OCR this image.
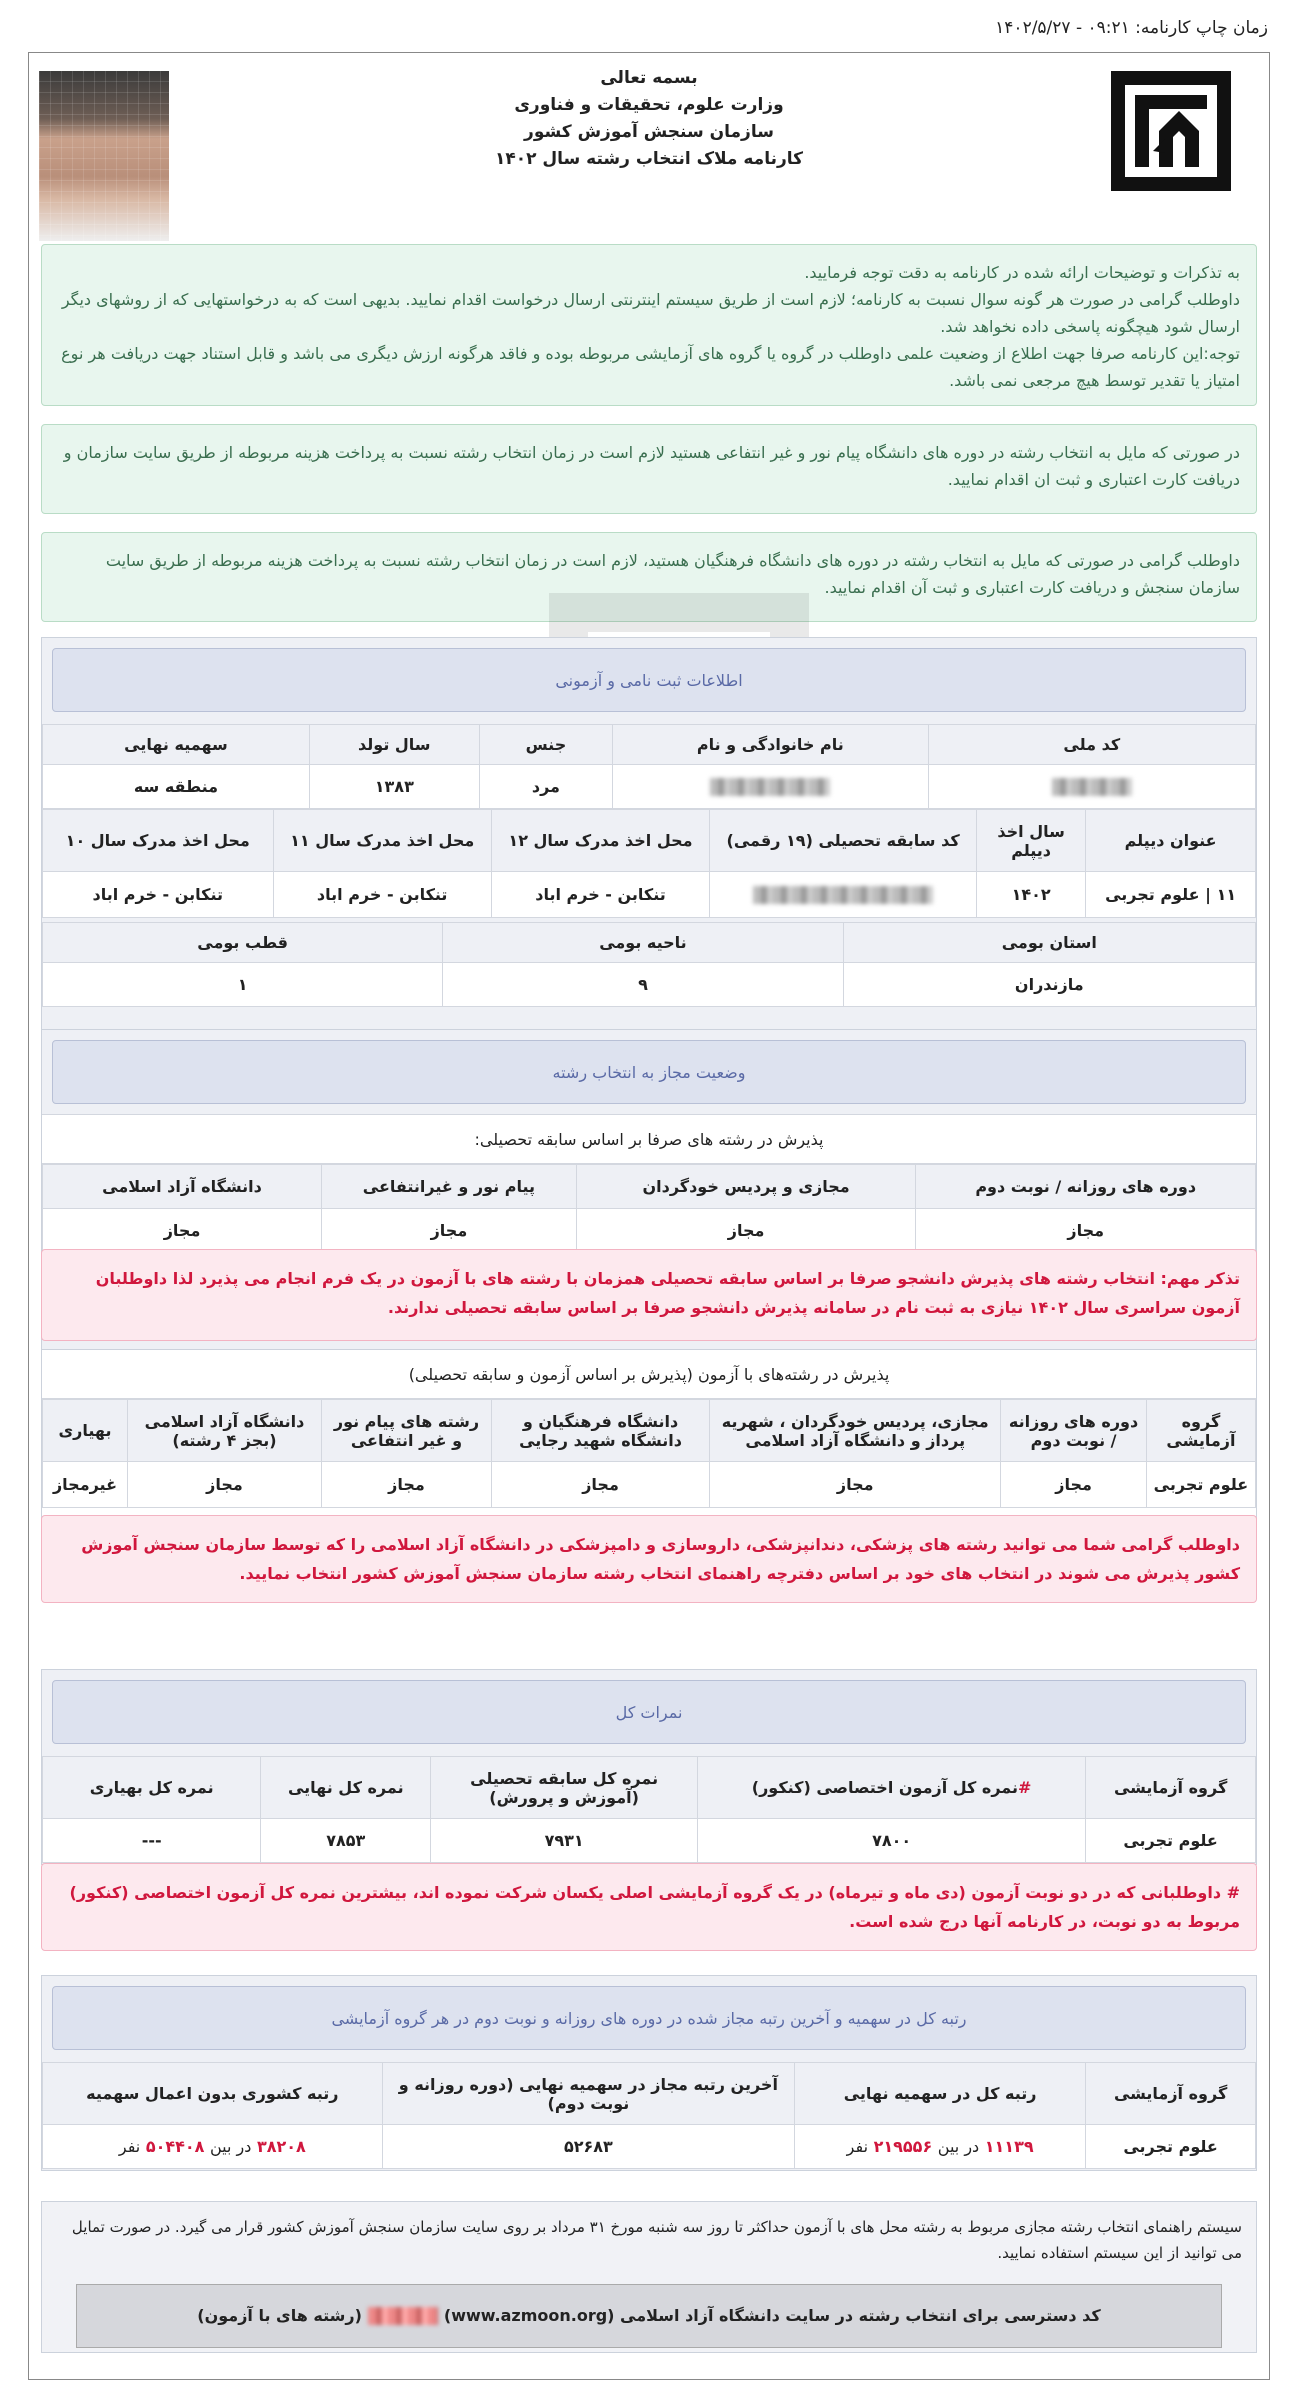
زمان چاپ کارنامه: ۰۹:۲۱ - ۱۴۰۲/۵/۲۷
بسمه تعالی
وزارت علوم، تحقیقات و فناوری
سازمان سنجش آموزش کشور
کارنامه ملاک انتخاب رشته سال ۱۴۰۲
به تذکرات و توضیحات ارائه شده در کارنامه به دقت توجه فرمایید.
داوطلب گرامی در صورت هر گونه سوال نسبت به کارنامه؛ لازم است از طریق سیستم اینترنتی ارسال درخواست اقدام نمایید. بدیهی است که به درخواستهایی که از روشهای دیگر ارسال شود هیچگونه پاسخی داده نخواهد شد.
توجه:این کارنامه صرفا جهت اطلاع از وضعیت علمی داوطلب در گروه یا گروه های آزمایشی مربوطه بوده و فاقد هرگونه ارزش دیگری می باشد و قابل استناد جهت دریافت هر نوع امتیاز یا تقدیر توسط هیچ مرجعی نمی باشد.
در صورتی که مایل به انتخاب رشته در دوره های دانشگاه پیام نور و غیر انتفاعی هستید لازم است در زمان انتخاب رشته نسبت به پرداخت هزینه مربوطه از طریق سایت سازمان و دریافت کارت اعتباری و ثبت ان اقدام نمایید.
داوطلب گرامی در صورتی که مایل به انتخاب رشته در دوره های دانشگاه فرهنگیان هستید، لازم است در زمان انتخاب رشته نسبت به پرداخت هزینه مربوطه از طریق سایت سازمان سنجش و دریافت کارت اعتباری و ثبت آن اقدام نمایید.
اطلاعات ثبت نامی و آزمونی
کد ملی	نام خانوادگی و نام	جنس	سال تولد	سهمیه نهایی
		مرد	۱۳۸۳	منطقه سه
عنوان دیپلم	سال اخذ دیپلم	کد سابقه تحصیلی (۱۹ رقمی)	محل اخذ مدرک سال ۱۲	محل اخذ مدرک سال ۱۱	محل اخذ مدرک سال ۱۰
۱۱ | علوم تجربی	۱۴۰۲		تنکابن - خرم اباد	تنکابن - خرم اباد	تنکابن - خرم اباد
استان بومی	ناحیه بومی	قطب بومی
مازندران	۹	۱
وضعیت مجاز به انتخاب رشته
پذیرش در رشته های صرفا بر اساس سابقه تحصیلی:
دوره های روزانه / نوبت دوم	مجازی و پردیس خودگردان	پیام نور و غیرانتفاعی	دانشگاه آزاد اسلامی
مجاز	مجاز	مجاز	مجاز
تذکر مهم: انتخاب رشته های پذیرش دانشجو صرفا بر اساس سابقه تحصیلی همزمان با رشته های با آزمون در یک فرم انجام می پذیرد لذا داوطلبان آزمون سراسری سال ۱۴۰۲ نیازی به ثبت نام در سامانه پذیرش دانشجو صرفا بر اساس سابقه تحصیلی ندارند.
پذیرش در رشته‌های با آزمون (پذیرش بر اساس آزمون و سابقه تحصیلی)
گروه آزمایشی	دوره های روزانه / نوبت دوم	مجازی، پردیس خودگردان ، شهریه پرداز و دانشگاه آزاد اسلامی	دانشگاه فرهنگیان و دانشگاه شهید رجایی	رشته های پیام نور و غیر انتفاعی	دانشگاه آزاد اسلامی (بجز ۴ رشته)	بهیاری
علوم تجربی	مجاز	مجاز	مجاز	مجاز	مجاز	غیرمجاز
داوطلب گرامی شما می توانید رشته های پزشکی، دندانپزشکی، داروسازی و دامپزشکی در دانشگاه آزاد اسلامی را که توسط سازمان سنجش آموزش کشور پذیرش می شوند در انتخاب های خود بر اساس دفترچه راهنمای انتخاب رشته سازمان سنجش آموزش کشور انتخاب نمایید.
نمرات کل
گروه آزمایشی	#نمره کل آزمون اختصاصی (کنکور)	نمره کل سابقه تحصیلی (آموزش و پرورش)	نمره کل نهایی	نمره کل بهیاری
علوم تجربی	۷۸۰۰	۷۹۳۱	۷۸۵۳	---
# داوطلبانی که در دو نوبت آزمون (دی ماه و تیرماه) در یک گروه آزمایشی اصلی یکسان شرکت نموده اند، بیشترین نمره کل آزمون اختصاصی (کنکور) مربوط به دو نوبت، در کارنامه آنها درج شده است.
رتبه کل در سهمیه و آخرین رتبه مجاز شده در دوره های روزانه و نوبت دوم در هر گروه آزمایشی
گروه آزمایشی	رتبه کل در سهمیه نهایی	آخرین رتبه مجاز در سهمیه نهایی (دوره روزانه و نوبت دوم)	رتبه کشوری بدون اعمال سهمیه
علوم تجربی	۱۱۱۳۹ در بین ۲۱۹۵۵۶ نفر	۵۲۶۸۳	۳۸۲۰۸ در بین ۵۰۴۴۰۸ نفر
سیستم راهنمای انتخاب رشته مجازی مربوط به رشته محل های با آزمون حداکثر تا روز سه شنبه مورخ ۳۱ مرداد بر روی سایت سازمان سنجش آموزش کشور قرار می گیرد. در صورت تمایل می توانید از این سیستم استفاده نمایید.
کد دسترسی برای انتخاب رشته در سایت دانشگاه آزاد اسلامی (www.azmoon.org)
(رشته های با آزمون)
